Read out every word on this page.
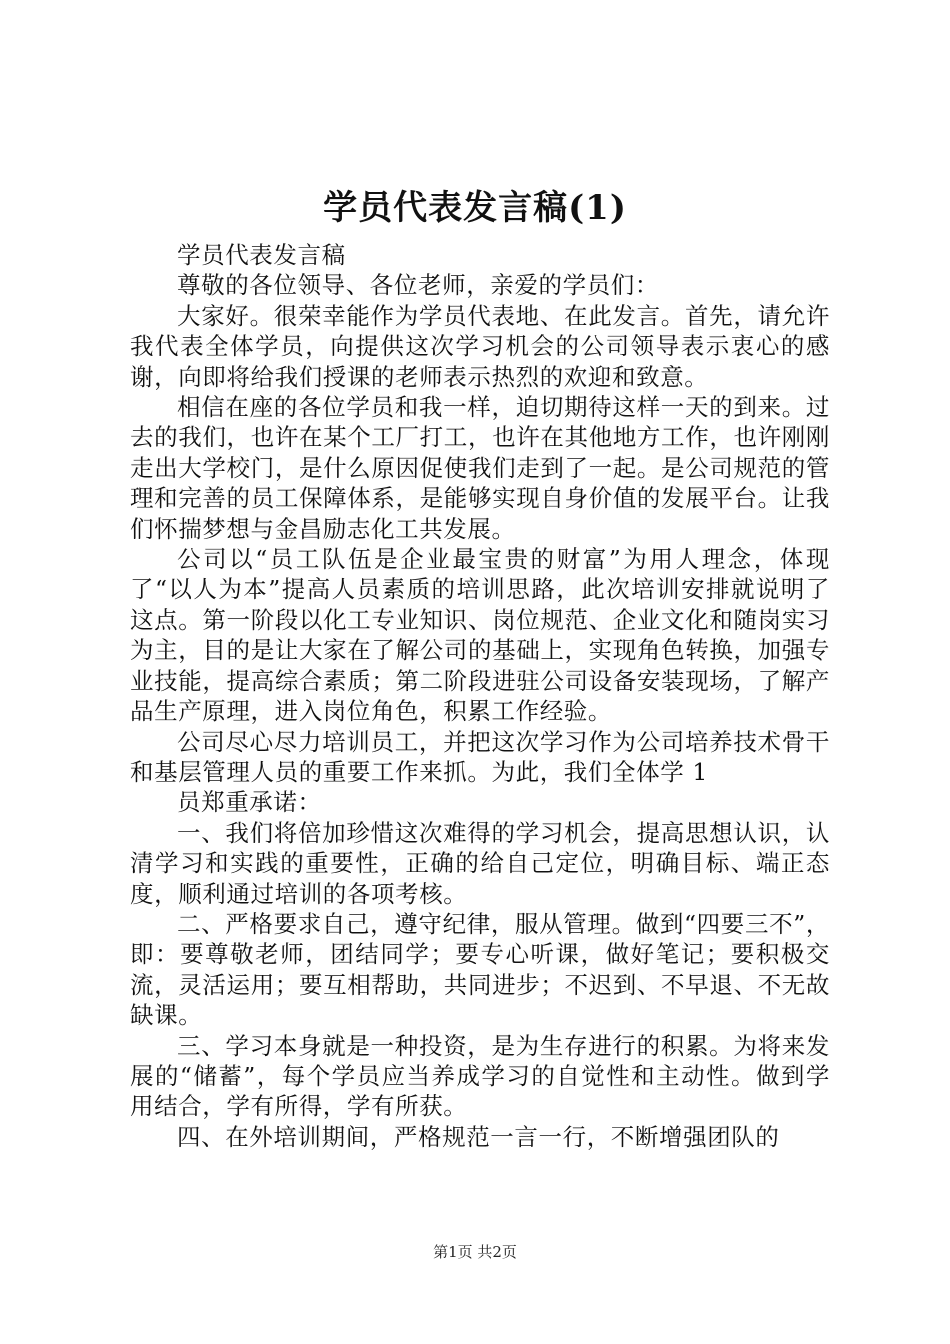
学员代表发言稿(1)

学员代表发言稿

尊敬的各位领导、各位老师，亲爱的学员们：

大家好。很荣幸能作为学员代表地、在此发言。首先，请允许我代表全体学员，向提供这次学习机会的公司领导表示衷心的感谢，向即将给我们授课的老师表示热烈的欢迎和致意。

相信在座的各位学员和我一样，迫切期待这样一天的到来。过去的我们，也许在某个工厂打工，也许在其他地方工作，也许刚刚走出大学校门，是什么原因促使我们走到了一起。是公司规范的管理和完善的员工保障体系，是能够实现自身价值的发展平台。让我们怀揣梦想与金昌励志化工共发展。

公司以“员工队伍是企业最宝贵的财富”为用人理念，体现了“以人为本”提高人员素质的培训思路，此次培训安排就说明了这点。第一阶段以化工专业知识、岗位规范、企业文化和随岗实习为主，目的是让大家在了解公司的基础上，实现角色转换，加强专业技能，提高综合素质；第二阶段进驻公司设备安装现场，了解产品生产原理，进入岗位角色，积累工作经验。

公司尽心尽力培训员工，并把这次学习作为公司培养技术骨干和基层管理人员的重要工作来抓。为此，我们全体学 1

员郑重承诺：

一、我们将倍加珍惜这次难得的学习机会，提高思想认识，认清学习和实践的重要性，正确的给自己定位，明确目标、端正态度，顺利通过培训的各项考核。

二、严格要求自己，遵守纪律，服从管理。做到“四要三不”，即：要尊敬老师，团结同学；要专心听课，做好笔记；要积极交流，灵活运用；要互相帮助，共同进步；不迟到、不早退、不无故缺课。

三、学习本身就是一种投资，是为生存进行的积累。为将来发展的“储蓄”，每个学员应当养成学习的自觉性和主动性。做到学用结合，学有所得，学有所获。

四、在外培训期间，严格规范一言一行，不断增强团队的

第1页 共2页
